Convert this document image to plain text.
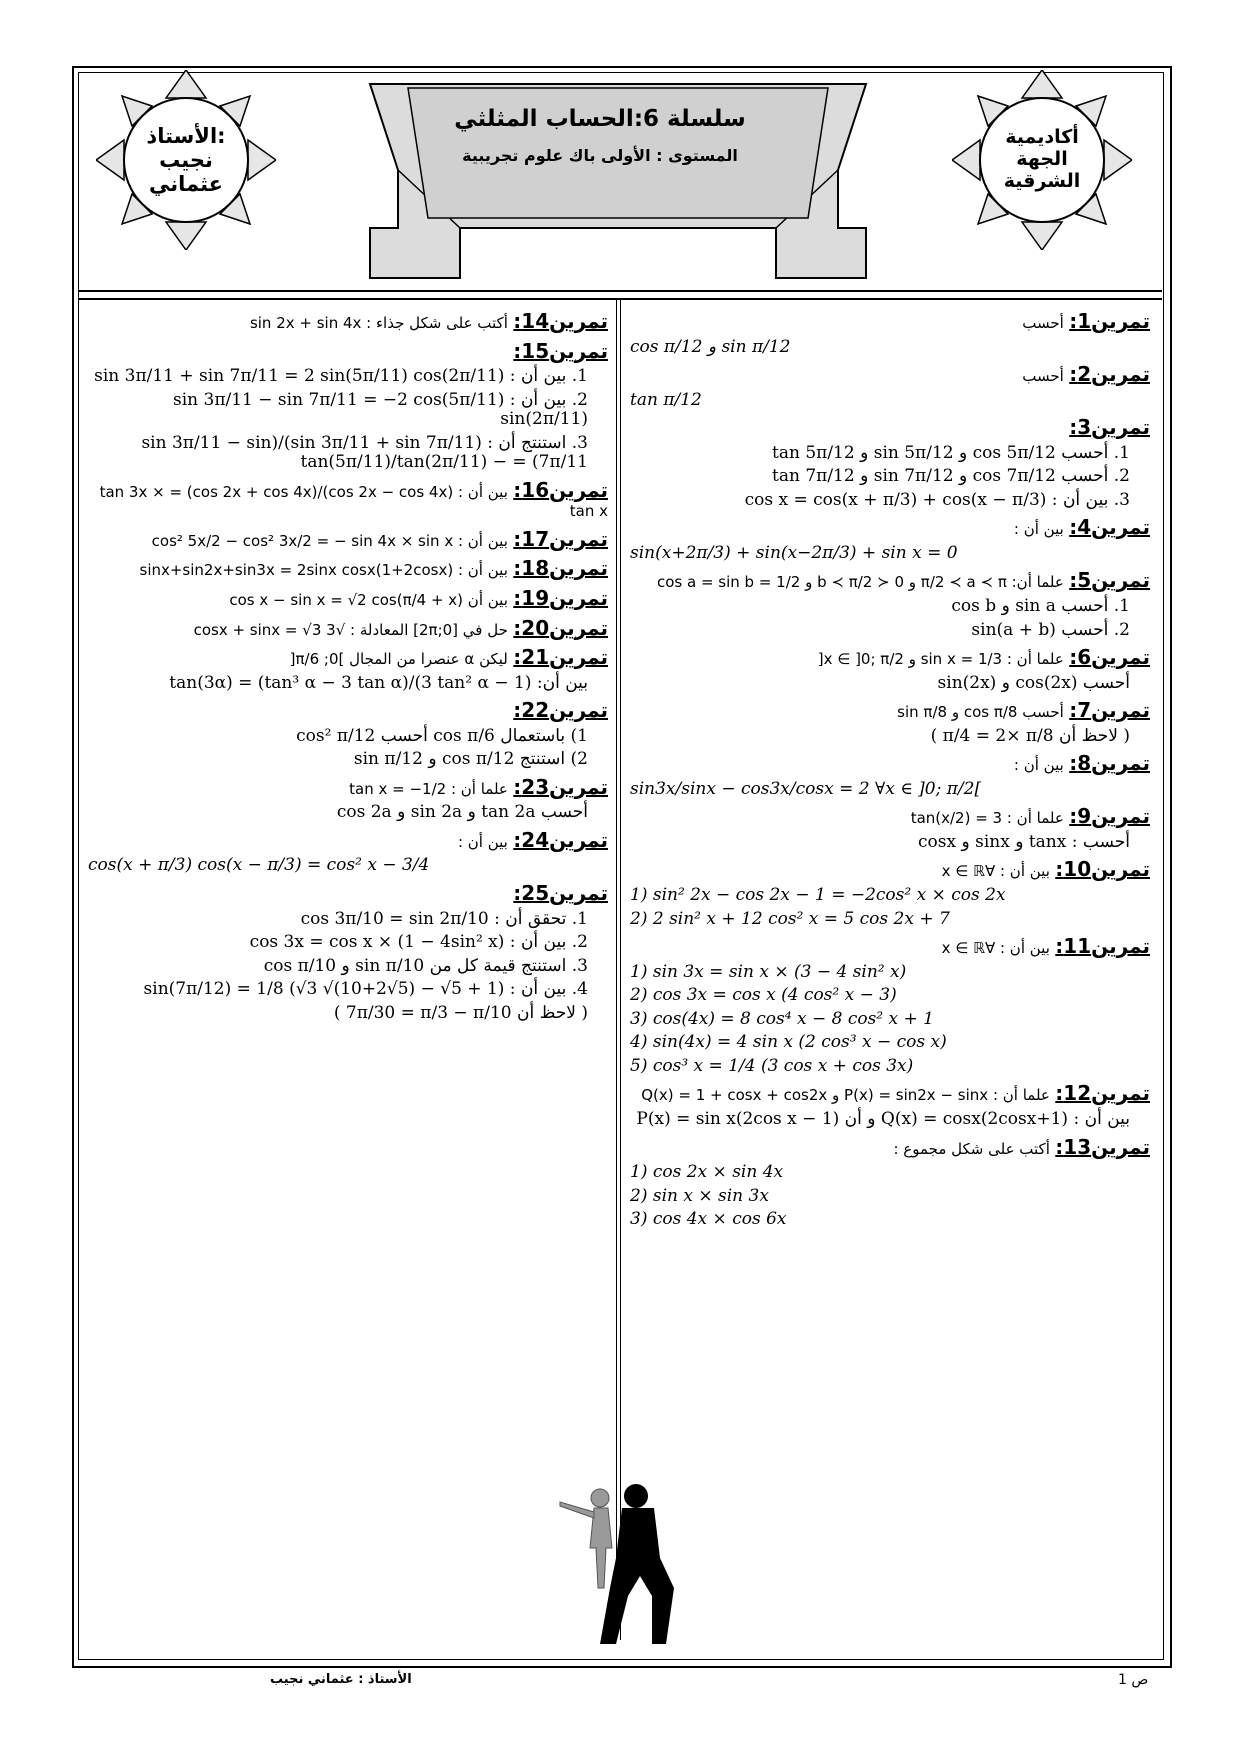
أكاديمية
الجهة
الشرقية
الأستاذ:
نجيب
عثماني
سلسلة 6:الحساب المثلثي
المستوى : الأولى باك علوم تجريبية
تمرين1: أحسب
cos π/12 و sin π/12
تمرين2: أحسب
tan π/12
تمرين3:
1. أحسب cos 5π/12 و sin 5π/12 و tan 5π/12
2. أحسب cos 7π/12 و sin 7π/12 و tan 7π/12
3. بين أن : cos x = cos(x + π/3) + cos(x − π/3)
تمرين4: بين أن :
sin(x+2π/3) + sin(x−2π/3) + sin x = 0
تمرين5: علما أن: π/2 ≺ a ≺ π و 0 ≺ b ≺ π/2 و cos a = sin b = 1/2
1. أحسب sin a و cos b
2. أحسب sin(a + b)
تمرين6: علما أن : sin x = 1/3 و x ∈ ]0; π/2[
أحسب cos(2x) و sin(2x)
تمرين7: أحسب cos π/8 و sin π/8
( لاحظ أن π/4 = 2× π/8 )
تمرين8: بين أن :
sin3x/sinx − cos3x/cosx = 2 ∀x ∈ ]0; π/2[
تمرين9: علما أن : tan(x/2) = 3
أحسب : tanx و sinx و cosx
تمرين10: بين أن : ∀x ∈ ℝ
1) sin² 2x − cos 2x − 1 = −2cos² x × cos 2x
2) 2 sin² x + 12 cos² x = 5 cos 2x + 7
تمرين11: بين أن : ∀x ∈ ℝ
1) sin 3x = sin x × (3 − 4 sin² x)
2) cos 3x = cos x (4 cos² x − 3)
3) cos(4x) = 8 cos⁴ x − 8 cos² x + 1
4) sin(4x) = 4 sin x (2 cos³ x − cos x)
5) cos³ x = 1/4 (3 cos x + cos 3x)
تمرين12: علما أن : P(x) = sin2x − sinx و Q(x) = 1 + cosx + cos2x
بين أن : Q(x) = cosx(2cosx+1) و أن P(x) = sin x(2cos x − 1)
تمرين13: أكتب على شكل مجموع :
1) cos 2x × sin 4x
2) sin x × sin 3x
3) cos 4x × cos 6x
تمرين14: أكتب على شكل جذاء : sin 2x + sin 4x
تمرين15:
1. بين أن : sin 3π/11 + sin 7π/11 = 2 sin(5π/11) cos(2π/11)
2. بين أن : sin 3π/11 − sin 7π/11 = −2 cos(5π/11) sin(2π/11)
3. استنتج أن : (sin 3π/11 + sin 7π/11)/(sin 3π/11 − sin 7π/11) = − tan(5π/11)/tan(2π/11)
تمرين16: بين أن : (cos 2x − cos 4x)/(cos 2x + cos 4x) = tan 3x × tan x
تمرين17: بين أن : cos² 5x/2 − cos² 3x/2 = − sin 4x × sin x
تمرين18: بين أن : sinx+sin2x+sin3x = 2sinx cosx(1+2cosx)
تمرين19: بين أن cos x − sin x = √2 cos(π/4 + x)
تمرين20: حل في [0;2π] المعادلة : √3 cosx + sinx = √3
تمرين21: ليكن α عنصرا من المجال ]0; π/6[
بين أن: tan(3α) = (tan³ α − 3 tan α)/(3 tan² α − 1)
تمرين22:
1) باستعمال cos π/6 أحسب cos² π/12
2) استنتج cos π/12 و sin π/12
تمرين23: علما أن : tan x = −1/2
أحسب tan 2a و sin 2a و cos 2a
تمرين24: بين أن :
cos(x + π/3) cos(x − π/3) = cos² x − 3/4
تمرين25:
1. تحقق أن : cos 3π/10 = sin 2π/10
2. بين أن : cos 3x = cos x × (1 − 4sin² x)
3. استنتج قيمة كل من sin π/10 و cos π/10
4. بين أن : sin(7π/12) = 1/8 (√3 √(10+2√5) − √5 + 1)
( لاحظ أن 7π/30 = π/3 − π/10 )
الأستاذ : عثماني نجيب	ص 1
